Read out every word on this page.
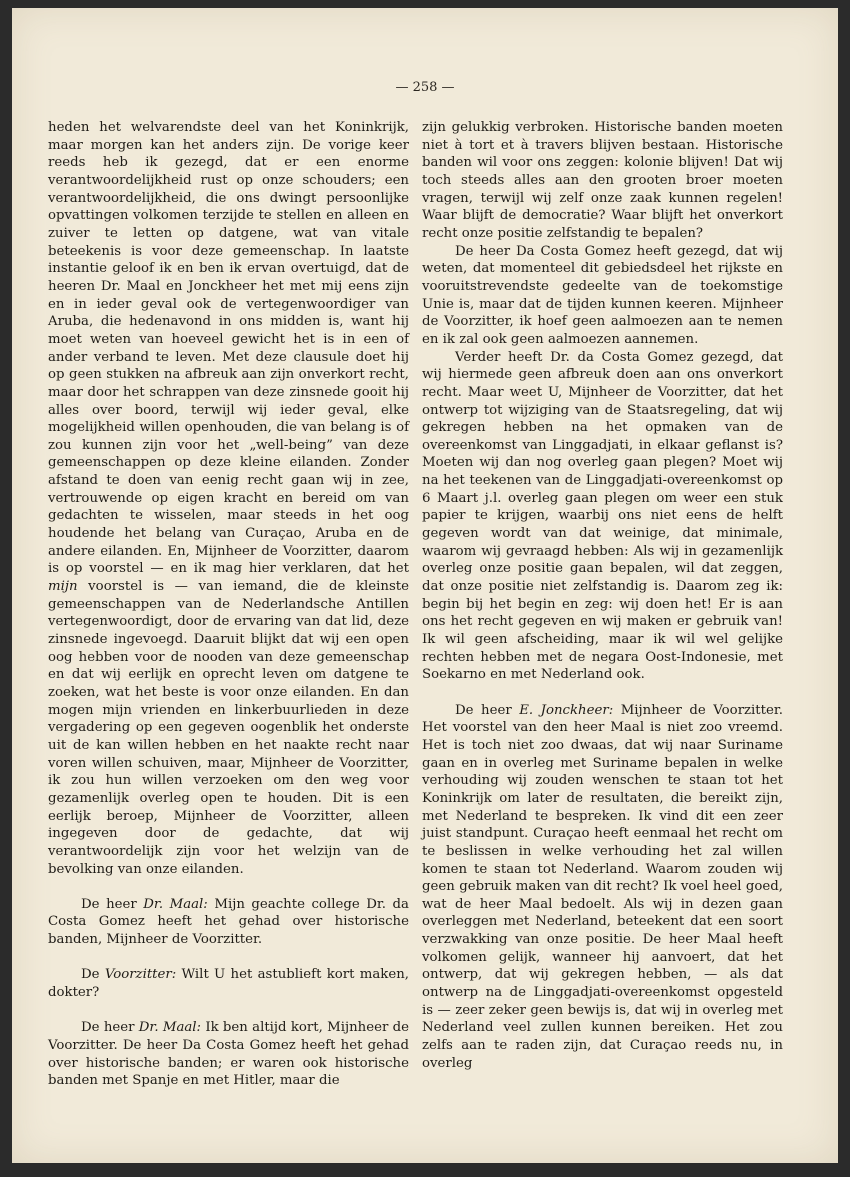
— 258 —

heden het welvarendste deel van het Koninkrijk, maar morgen kan het anders zijn. De vorige keer reeds heb ik gezegd, dat er een enorme verantwoordelijkheid rust op onze schouders; een verantwoordelijkheid, die ons dwingt persoonlijke opvattingen volkomen terzijde te stellen en alleen en zuiver te letten op datgene, wat van vitale beteekenis is voor deze gemeenschap. In laatste instantie geloof ik en ben ik ervan overtuigd, dat de heeren Dr. Maal en Jonckheer het met mij eens zijn en in ieder geval ook de vertegenwoordiger van Aruba, die hedenavond in ons midden is, want hij moet weten van hoeveel gewicht het is in een of ander verband te leven. Met deze clausule doet hij op geen stukken na afbreuk aan zijn onverkort recht, maar door het schrappen van deze zinsnede gooit hij alles over boord, terwijl wij ieder geval, elke mogelijkheid willen openhouden, die van belang is of zou kunnen zijn voor het „well-being” van deze gemeenschappen op deze kleine eilanden. Zonder afstand te doen van eenig recht gaan wij in zee, vertrouwende op eigen kracht en bereid om van gedachten te wisselen, maar steeds in het oog houdende het belang van Curaçao, Aruba en de andere eilanden. En, Mijnheer de Voorzitter, daarom is op voorstel — en ik mag hier verklaren, dat het mijn voorstel is — van iemand, die de kleinste gemeenschappen van de Nederlandsche Antillen vertegenwoordigt, door de ervaring van dat lid, deze zinsnede ingevoegd. Daaruit blijkt dat wij een open oog hebben voor de nooden van deze gemeenschap en dat wij eerlijk en oprecht leven om datgene te zoeken, wat het beste is voor onze eilanden. En dan mogen mijn vrienden en linkerbuurlieden in deze vergadering op een gegeven oogenblik het onderste uit de kan willen hebben en het naakte recht naar voren willen schuiven, maar, Mijnheer de Voorzitter, ik zou hun willen verzoeken om den weg voor gezamenlijk overleg open te houden. Dit is een eerlijk beroep, Mijnheer de Voorzitter, alleen ingegeven door de gedachte, dat wij verantwoordelijk zijn voor het welzijn van de bevolking van onze eilanden.

De heer Dr. Maal: Mijn geachte college Dr. da Costa Gomez heeft het gehad over historische banden, Mijnheer de Voorzitter.

De Voorzitter: Wilt U het astublieft kort maken, dokter?

De heer Dr. Maal: Ik ben altijd kort, Mijnheer de Voorzitter. De heer Da Costa Gomez heeft het gehad over historische banden; er waren ook historische banden met Spanje en met Hitler, maar die

zijn gelukkig verbroken. Historische banden moeten niet à tort et à travers blijven bestaan. Historische banden wil voor ons zeggen: kolonie blijven! Dat wij toch steeds alles aan den grooten broer moeten vragen, terwijl wij zelf onze zaak kunnen regelen! Waar blijft de democratie? Waar blijft het onverkort recht onze positie zelfstandig te bepalen?

De heer Da Costa Gomez heeft gezegd, dat wij weten, dat momenteel dit gebiedsdeel het rijkste en vooruitstrevendste gedeelte van de toekomstige Unie is, maar dat de tijden kunnen keeren. Mijnheer de Voorzitter, ik hoef geen aalmoezen aan te nemen en ik zal ook geen aalmoezen aannemen.

Verder heeft Dr. da Costa Gomez gezegd, dat wij hiermede geen afbreuk doen aan ons onverkort recht. Maar weet U, Mijnheer de Voorzitter, dat het ontwerp tot wijziging van de Staatsregeling, dat wij gekregen hebben na het opmaken van de overeenkomst van Linggadjati, in elkaar geflanst is? Moeten wij dan nog overleg gaan plegen? Moet wij na het teekenen van de Linggadjati-overeenkomst op 6 Maart j.l. overleg gaan plegen om weer een stuk papier te krijgen, waarbij ons niet eens de helft gegeven wordt van dat weinige, dat minimale, waarom wij gevraagd hebben: Als wij in gezamenlijk overleg onze positie gaan bepalen, wil dat zeggen, dat onze positie niet zelfstandig is. Daarom zeg ik: begin bij het begin en zeg: wij doen het! Er is aan ons het recht gegeven en wij maken er gebruik van! Ik wil geen afscheiding, maar ik wil wel gelijke rechten hebben met de negara Oost-Indonesie, met Soekarno en met Nederland ook.

De heer E. Jonckheer: Mijnheer de Voorzitter. Het voorstel van den heer Maal is niet zoo vreemd. Het is toch niet zoo dwaas, dat wij naar Suriname gaan en in overleg met Suriname bepalen in welke verhouding wij zouden wenschen te staan tot het Koninkrijk om later de resultaten, die bereikt zijn, met Nederland te bespreken. Ik vind dit een zeer juist standpunt. Curaçao heeft eenmaal het recht om te beslissen in welke verhouding het zal willen komen te staan tot Nederland. Waarom zouden wij geen gebruik maken van dit recht? Ik voel heel goed, wat de heer Maal bedoelt. Als wij in dezen gaan overleggen met Nederland, beteekent dat een soort verzwakking van onze positie. De heer Maal heeft volkomen gelijk, wanneer hij aanvoert, dat het ontwerp, dat wij gekregen hebben, — als dat ontwerp na de Linggadjati-overeenkomst opgesteld is — zeer zeker geen bewijs is, dat wij in overleg met Nederland veel zullen kunnen bereiken. Het zou zelfs aan te raden zijn, dat Curaçao reeds nu, in overleg
